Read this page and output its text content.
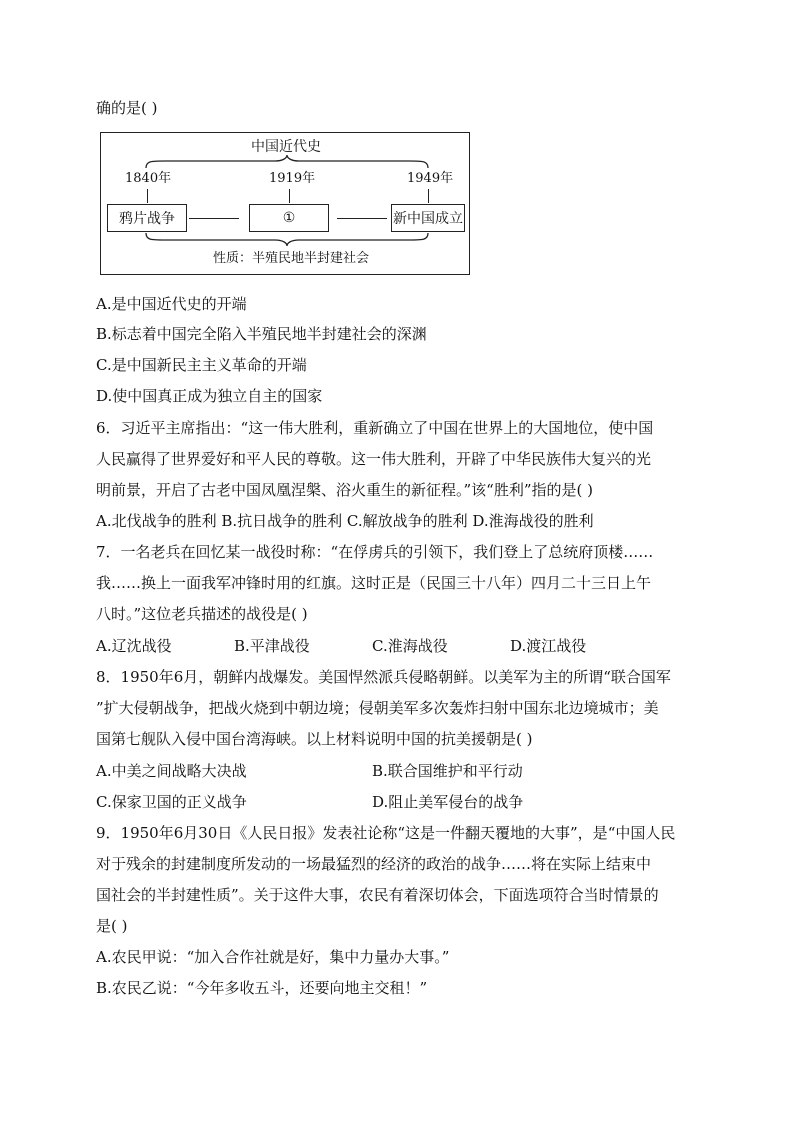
确的是( )
中国近代史
1840年	1919年	1949年
鸦片战争	①	新中国成立
性质：半殖民地半封建社会
A.是中国近代史的开端
B.标志着中国完全陷入半殖民地半封建社会的深渊
C.是中国新民主主义革命的开端
D.使中国真正成为独立自主的国家
6．习近平主席指出：“这一伟大胜利，重新确立了中国在世界上的大国地位，使中国
人民赢得了世界爱好和平人民的尊敬。这一伟大胜利，开辟了中华民族伟大复兴的光
明前景，开启了古老中国凤凰涅槃、浴火重生的新征程。”该“胜利”指的是( )
A.北伐战争的胜利 B.抗日战争的胜利 C.解放战争的胜利 D.淮海战役的胜利
7．一名老兵在回忆某一战役时称：“在俘虏兵的引领下，我们登上了总统府顶楼……
我……换上一面我军冲锋时用的红旗。这时正是（民国三十八年）四月二十三日上午
八时。”这位老兵描述的战役是( )
A.辽沈战役	B.平津战役	C.淮海战役	D.渡江战役
8．1950年6月，朝鲜内战爆发。美国悍然派兵侵略朝鲜。以美军为主的所谓“联合国军
”扩大侵朝战争，把战火烧到中朝边境；侵朝美军多次轰炸扫射中国东北边境城市；美
国第七舰队入侵中国台湾海峡。以上材料说明中国的抗美援朝是( )
A.中美之间战略大决战	B.联合国维护和平行动
C.保家卫国的正义战争	D.阻止美军侵台的战争
9．1950年6月30日《人民日报》发表社论称“这是一件翻天覆地的大事”，是“中国人民
对于残余的封建制度所发动的一场最猛烈的经济的政治的战争……将在实际上结束中
国社会的半封建性质”。关于这件大事，农民有着深切体会，下面选项符合当时情景的
是( )
A.农民甲说：“加入合作社就是好，集中力量办大事。”
B.农民乙说：“今年多收五斗，还要向地主交租！”
